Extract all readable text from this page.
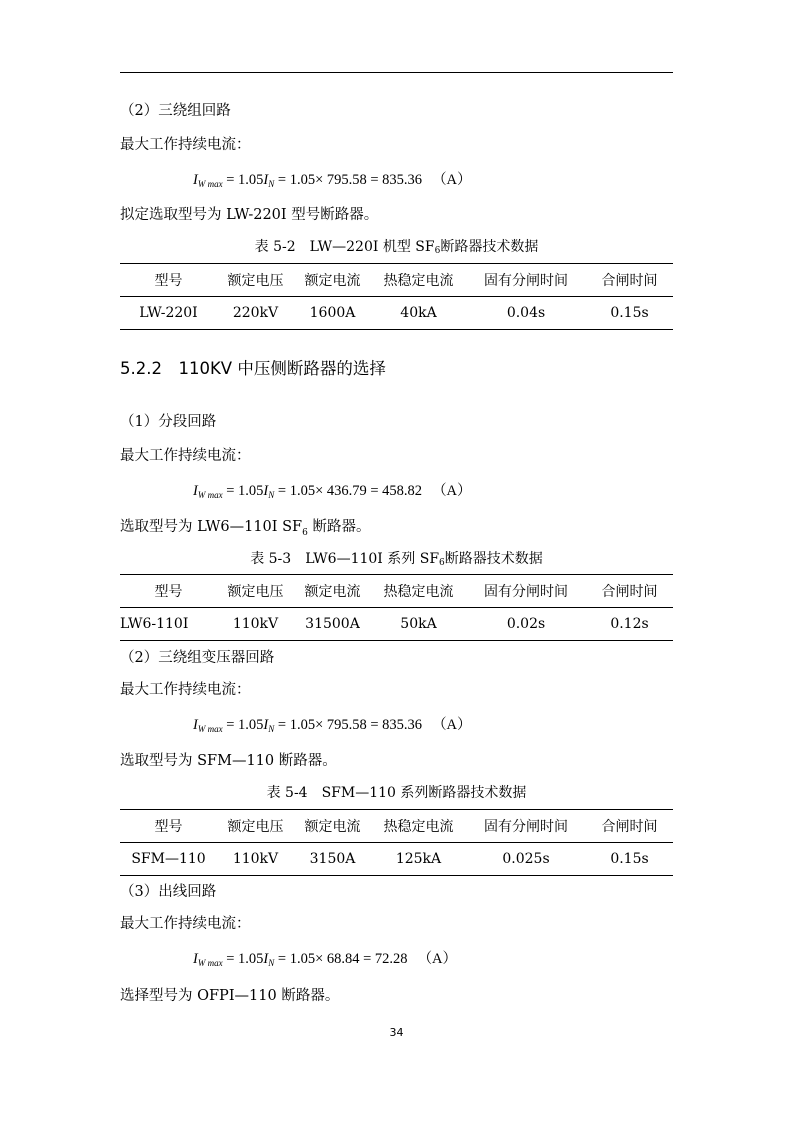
（2）三绕组回路
最大工作持续电流：
$I_{W max} = 1.05I_N = 1.05\times 795.58 = 835.36$ （A）
拟定选取型号为 LW-220I 型号断路器。
表 5-2　LW—220I 机型 $SF_6$断路器技术数据
型号	额定电压	额定电流	热稳定电流	固有分闸时间	合闸时间
LW-220I	220kV	1600A	40kA	0.04s	0.15s
5.2.2　110KV 中压侧断路器的选择
（1）分段回路
最大工作持续电流：
$I_{W max} = 1.05I_N = 1.05\times 436.79 = 458.82$ （A）
选取型号为 LW6—110I $SF_6$ 断路器。
表 5-3　LW6—110I 系列 $SF_6$断路器技术数据
型号	额定电压	额定电流	热稳定电流	固有分闸时间	合闸时间
LW6-110I	110kV	31500A	50kA	0.02s	0.12s
（2）三绕组变压器回路
最大工作持续电流：
$I_{W max} = 1.05I_N = 1.05\times 795.58 = 835.36$ （A）
选取型号为 SFM—110 断路器。
表 5-4　SFM—110 系列断路器技术数据
型号	额定电压	额定电流	热稳定电流	固有分闸时间	合闸时间
SFM—110	110kV	3150A	125kA	0.025s	0.15s
（3）出线回路
最大工作持续电流：
$I_{W max} = 1.05I_N = 1.05\times 68.84 = 72.28$ （A）
选择型号为 OFPI—110 断路器。
34
